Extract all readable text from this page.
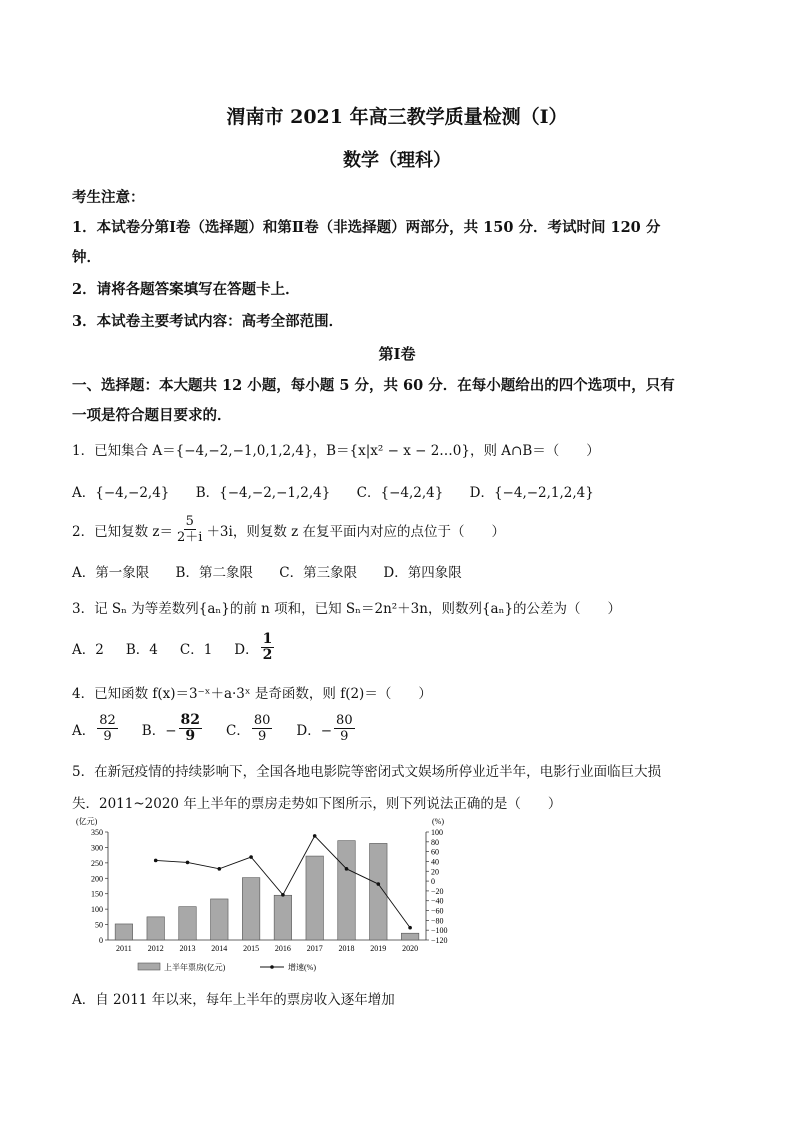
渭南市 2021 年高三教学质量检测（Ⅰ）
数学（理科）
考生注意：
1．本试卷分第Ⅰ卷（选择题）和第Ⅱ卷（非选择题）两部分，共 150 分．考试时间 120 分
钟．
2．请将各题答案填写在答题卡上．
3．本试卷主要考试内容：高考全部范围．
第Ⅰ卷
一、选择题：本大题共 12 小题，每小题 5 分，共 60 分．在每小题给出的四个选项中，只有
一项是符合题目要求的．
1．已知集合 A＝{−4,−2,−1,0,1,2,4}，B＝{x|x² − x − 2…0}，则 A∩B＝（　　）
A．{−4,−2,4} B．{−4,−2,−1,2,4} C．{−4,2,4} D．{−4,−2,1,2,4}
2．已知复数 $z= \frac{5}{2+i} +3i$，则复数 z 在复平面内对应的点位于（　　）
A．第一象限 B．第二象限 C．第三象限 D．第四象限
3．记 Sₙ 为等差数列{aₙ}的前 n 项和，已知 Sₙ＝2n²＋3n，则数列{aₙ}的公差为（　　）
A．2 B．4 C．1 D． $\frac{1}{2}$
4．已知函数 f(x)＝3⁻ˣ＋a·3ˣ 是奇函数，则 f(2)＝（　　）
A． $\frac{82}{9}$ B．− $\frac{82}{9}$ C． $\frac{80}{9}$ D．− $\frac{80}{9}$
5．在新冠疫情的持续影响下，全国各地电影院等密闭式文娱场所停业近半年，电影行业面临巨大损
失．2011~2020 年上半年的票房走势如下图所示，则下列说法正确的是（　　）
(亿元)	(%)
0
50
100
150
200
250
300
350	100
80
60
40
20
0
−20
−40
−60
−80
−100
−120
2011 2012 2013 2014 2015 2016 2017 2018 2019 2020
上半年票房(亿元)	增速(%)
A．自 2011 年以来，每年上半年的票房收入逐年增加
